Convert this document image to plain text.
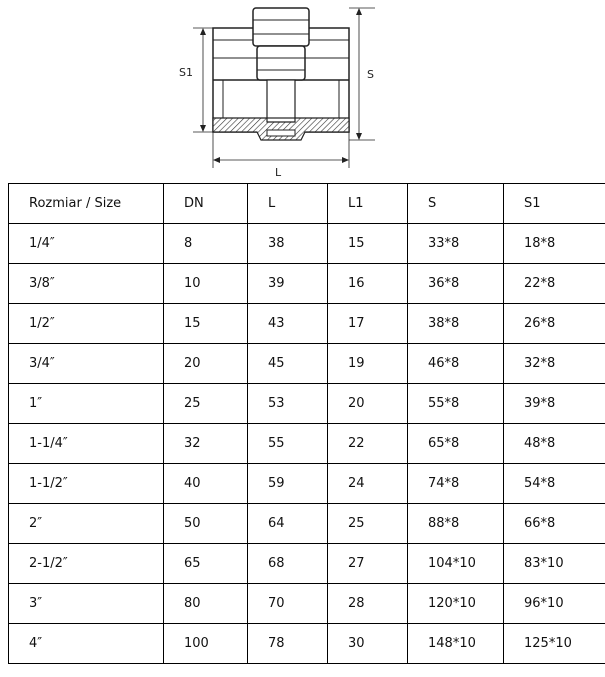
S1	S
L
Rozmiar / Size	DN	L	L1	S	S1
1/4″	8	38	15	33*8	18*8
3/8″	10	39	16	36*8	22*8
1/2″	15	43	17	38*8	26*8
3/4″	20	45	19	46*8	32*8
1″	25	53	20	55*8	39*8
1-1/4″	32	55	22	65*8	48*8
1-1/2″	40	59	24	74*8	54*8
2″	50	64	25	88*8	66*8
2-1/2″	65	68	27	104*10	83*10
3″	80	70	28	120*10	96*10
4″	100	78	30	148*10	125*10
